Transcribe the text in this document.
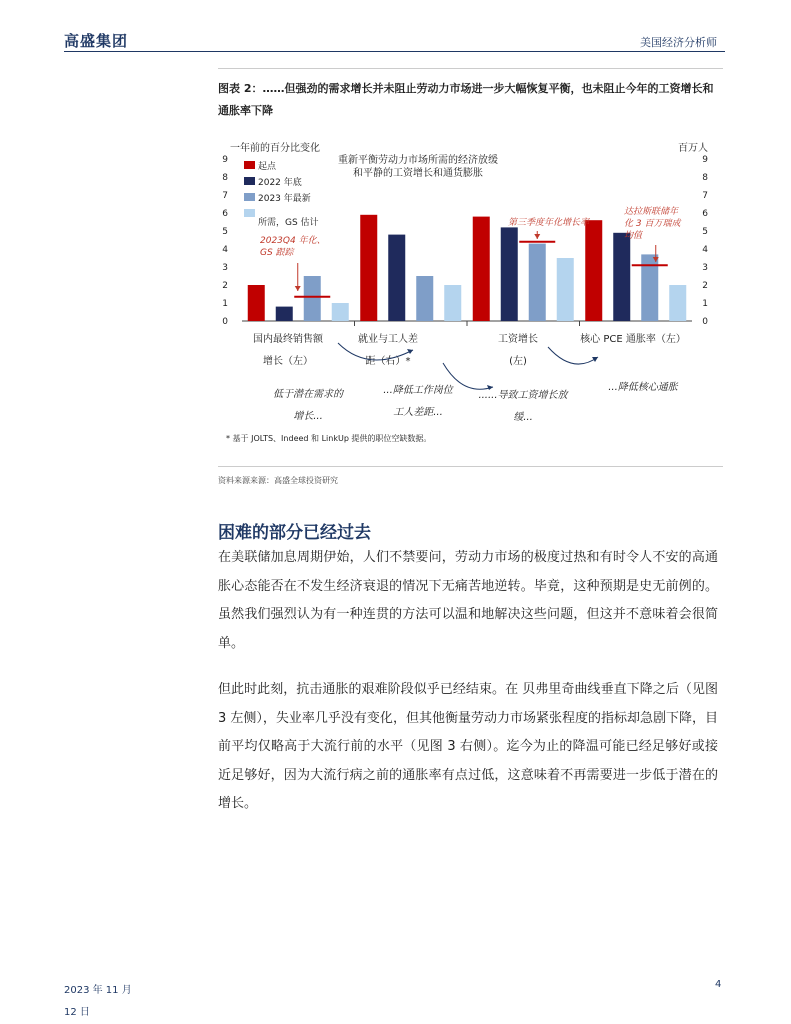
高盛集团	美国经济分析师
图表 2：……但强劲的需求增长并未阻止劳动力市场进一步大幅恢复平衡，也未阻止今年的工资增长和通胀率下降
一年前的百分比变化	百万人
重新平衡劳动力市场所需的经济放缓
和平静的工资增长和通货膨胀
0	0
1	1
2	2
3	3
4	4
5	5
6	6
7	7
8	8
9	9
起点
2022 年底
2023 年最新
所需，GS 估计
2023Q4 年化、
GS 跟踪
第三季度年化增长率
达拉斯联储年
化 3 百万瑞成
均值
国内最终销售额
增长（左）
就业与工人差
距（右）*
工资增长
(左)
核心 PCE 通胀率（左）
低于潜在需求的
增长...
...降低工作岗位
工人差距...
......导致工资增长放
缓...
...降低核心通胀
* 基于 JOLTS、Indeed 和 LinkUp 提供的职位空缺数据。
资料来源来源：高盛全球投资研究
困难的部分已经过去
在美联储加息周期伊始，人们不禁要问，劳动力市场的极度过热和有时令人不安的高通胀心态能否在不发生经济衰退的情况下无痛苦地逆转。毕竟，这种预期是史无前例的。虽然我们强烈认为有一种连贯的方法可以温和地解决这些问题，但这并不意味着会很简单。
但此时此刻，抗击通胀的艰难阶段似乎已经结束。在 贝弗里奇曲线垂直下降之后（见图 3 左侧），失业率几乎没有变化，但其他衡量劳动力市场紧张程度的指标却急剧下降，目前平均仅略高于大流行前的水平（见图 3 右侧）。迄今为止的降温可能已经足够好或接近足够好，因为大流行病之前的通胀率有点过低，这意味着不再需要进一步低于潜在的增长。
2023 年 11 月 12 日
4
